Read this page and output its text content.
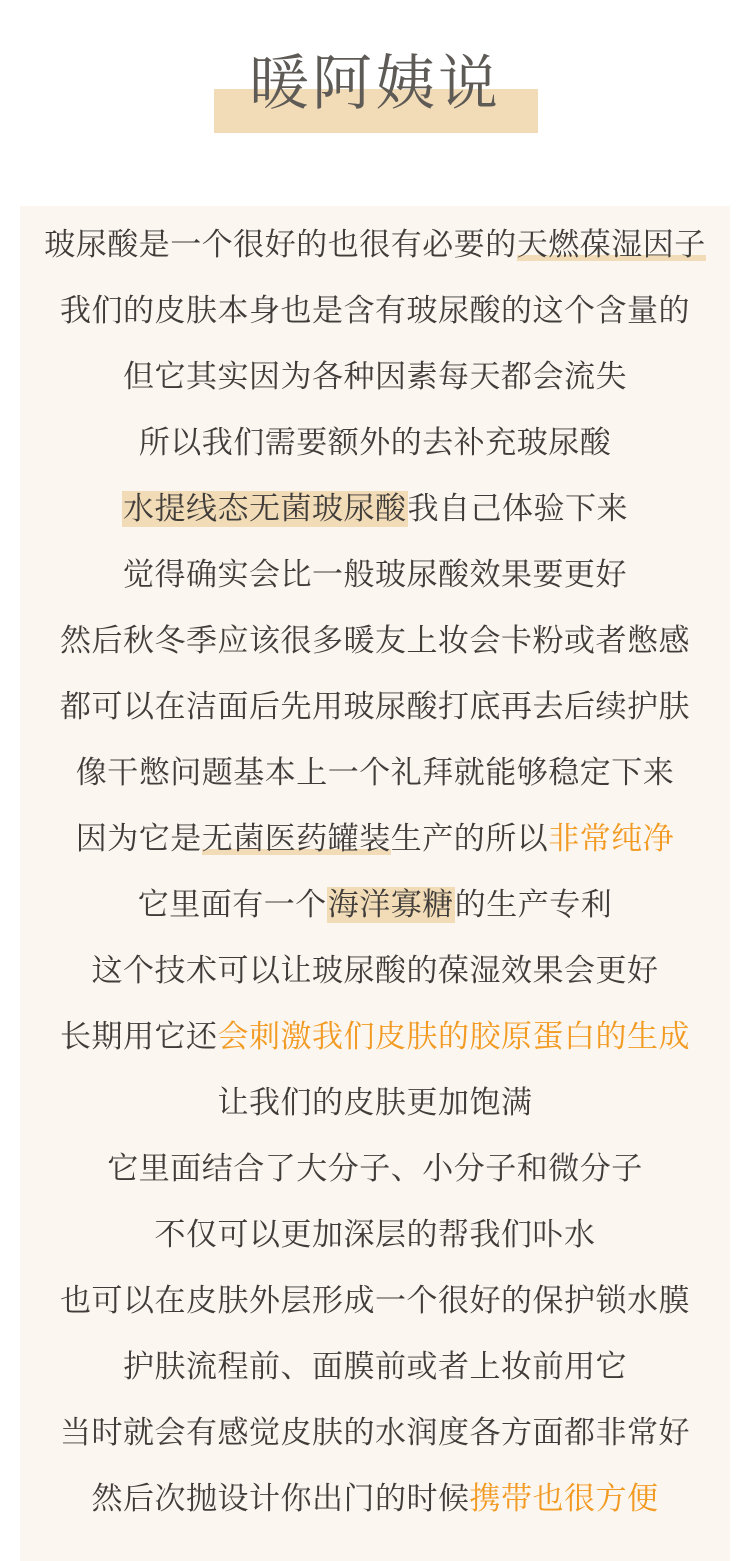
暖阿姨说
玻尿酸是一个很好的也很有必要的天燃葆湿因子
我们的皮肤本身也是含有玻尿酸的这个含量的
但它其实因为各种因素每天都会流失
所以我们需要额外的去补充玻尿酸
水提线态无菌玻尿酸我自己体验下来
觉得确实会比一般玻尿酸效果要更好
然后秋冬季应该很多暖友上妆会卡粉或者憋感
都可以在洁面后先用玻尿酸打底再去后续护肤
像干憋问题基本上一个礼拜就能够稳定下来
因为它是无菌医药罐装生产的所以非常纯净
它里面有一个海洋寡糖的生产专利
这个技术可以让玻尿酸的葆湿效果会更好
长期用它还会刺激我们皮肤的胶原蛋白的生成
让我们的皮肤更加饱满
它里面结合了大分子、小分子和微分子
不仅可以更加深层的帮我们卟水
也可以在皮肤外层形成一个很好的保护锁水膜
护肤流程前、面膜前或者上妆前用它
当时就会有感觉皮肤的水润度各方面都非常好
然后次抛设计你出门的时候携带也很方便
